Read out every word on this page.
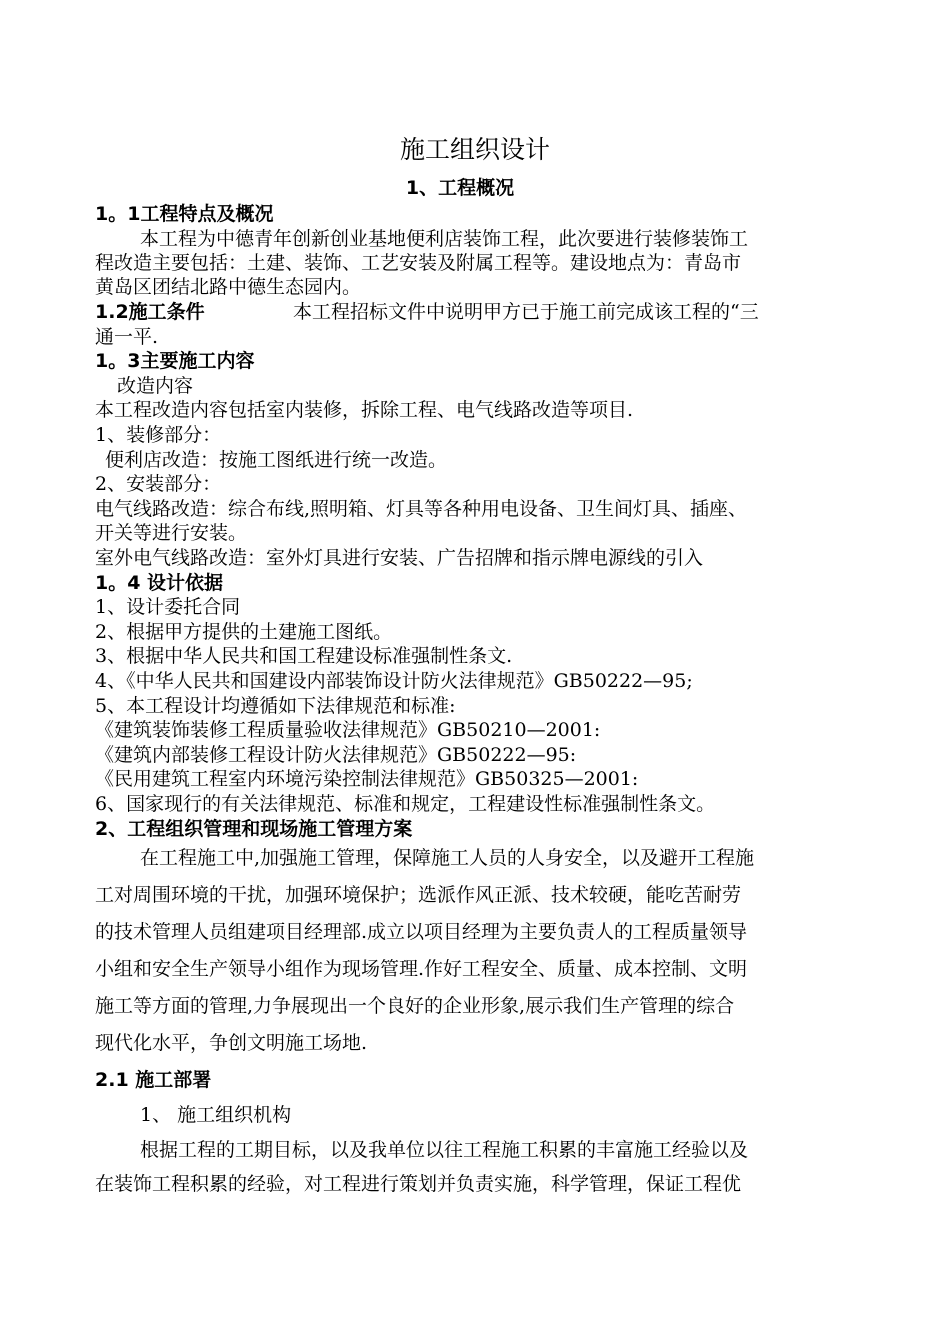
施工组织设计
1、工程概况
1。1工程特点及概况
本工程为中德青年创新创业基地便利店装饰工程，此次要进行装修装饰工
程改造主要包括：土建、装饰、工艺安装及附属工程等。建设地点为：青岛市
黄岛区团结北路中德生态园内。
1.2施工条件	本工程招标文件中说明甲方已于施工前完成该工程的“三
通一平.
1。3主要施工内容
改造内容
本工程改造内容包括室内装修，拆除工程、电气线路改造等项目.
1、装修部分：
便利店改造：按施工图纸进行统一改造。
2、安装部分：
电气线路改造：综合布线,照明箱、灯具等各种用电设备、卫生间灯具、插座、
开关等进行安装。
室外电气线路改造：室外灯具进行安装、广告招牌和指示牌电源线的引入
1。4 设计依据
1、设计委托合同
2、根据甲方提供的土建施工图纸。
3、根据中华人民共和国工程建设标准强制性条文.
4、《中华人民共和国建设内部装饰设计防火法律规范》GB50222—95;
5、本工程设计均遵循如下法律规范和标准:
《建筑装饰装修工程质量验收法律规范》GB50210—2001:
《建筑内部装修工程设计防火法律规范》GB50222—95:
《民用建筑工程室内环境污染控制法律规范》GB50325—2001:
6、国家现行的有关法律规范、标准和规定，工程建设性标准强制性条文。
2、工程组织管理和现场施工管理方案
在工程施工中,加强施工管理，保障施工人员的人身安全，以及避开工程施
工对周围环境的干扰，加强环境保护；选派作风正派、技术较硬，能吃苦耐劳
的技术管理人员组建项目经理部.成立以项目经理为主要负责人的工程质量领导
小组和安全生产领导小组作为现场管理.作好工程安全、质量、成本控制、文明
施工等方面的管理,力争展现出一个良好的企业形象,展示我们生产管理的综合
现代化水平，争创文明施工场地.
2.1 施工部署
1、 施工组织机构
根据工程的工期目标，以及我单位以往工程施工积累的丰富施工经验以及
在装饰工程积累的经验，对工程进行策划并负责实施，科学管理，保证工程优
